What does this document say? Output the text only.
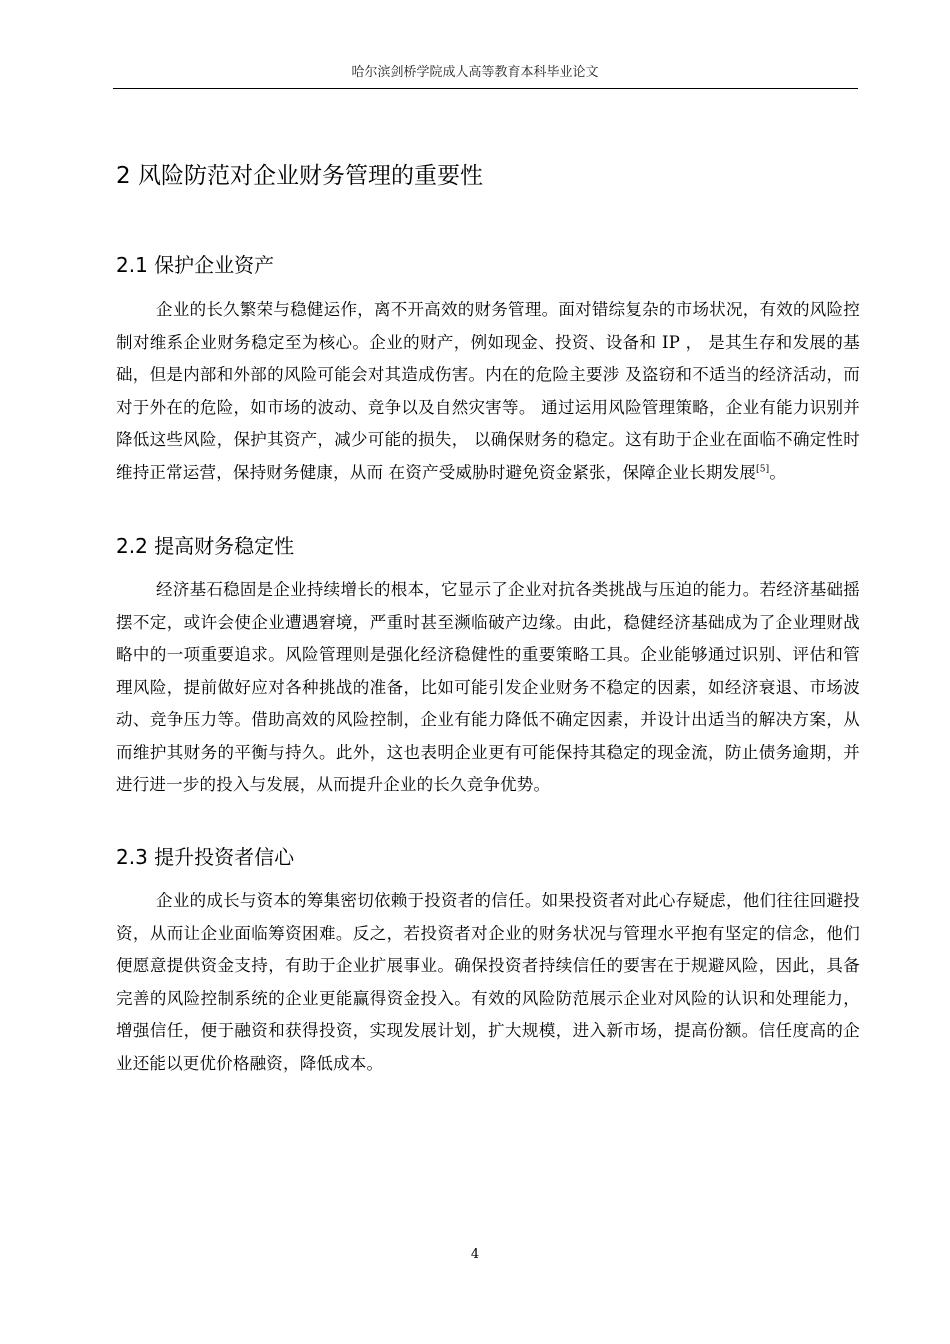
哈尔滨剑桥学院成人高等教育本科毕业论文
2 风险防范对企业财务管理的重要性
2.1 保护企业资产

企业的长久繁荣与稳健运作，离不开高效的财务管理。面对错综复杂的市场状况，有效的风险控制对维系企业财务稳定至为核心。企业的财产，例如现金、投资、设备和 IP ， 是其生存和发展的基础，但是内部和外部的风险可能会对其造成伤害。内在的危险主要涉 及盗窃和不适当的经济活动，而对于外在的危险，如市场的波动、竞争以及自然灾害等。 通过运用风险管理策略，企业有能力识别并降低这些风险，保护其资产，减少可能的损失， 以确保财务的稳定。这有助于企业在面临不确定性时维持正常运营，保持财务健康，从而 在资产受威胁时避免资金紧张，保障企业长期发展[5]。

2.2 提高财务稳定性

经济基石稳固是企业持续增长的根本，它显示了企业对抗各类挑战与压迫的能力。若经济基础摇摆不定，或许会使企业遭遇窘境，严重时甚至濒临破产边缘。由此，稳健经济基础成为了企业理财战略中的一项重要追求。风险管理则是强化经济稳健性的重要策略工具。企业能够通过识别、评估和管理风险，提前做好应对各种挑战的准备，比如可能引发企业财务不稳定的因素，如经济衰退、市场波动、竞争压力等。借助高效的风险控制，企业有能力降低不确定因素，并设计出适当的解决方案，从而维护其财务的平衡与持久。此外，这也表明企业更有可能保持其稳定的现金流，防止债务逾期，并进行进一步的投入与发展，从而提升企业的长久竞争优势。

2.3 提升投资者信心

企业的成长与资本的筹集密切依赖于投资者的信任。如果投资者对此心存疑虑，他们往往回避投资，从而让企业面临筹资困难。反之，若投资者对企业的财务状况与管理水平抱有坚定的信念，他们便愿意提供资金支持，有助于企业扩展事业。确保投资者持续信任的要害在于规避风险，因此，具备完善的风险控制系统的企业更能赢得资金投入。有效的风险防范展示企业对风险的认识和处理能力，增强信任，便于融资和获得投资，实现发展计划，扩大规模，进入新市场，提高份额。信任度高的企业还能以更优价格融资，降低成本。

4
